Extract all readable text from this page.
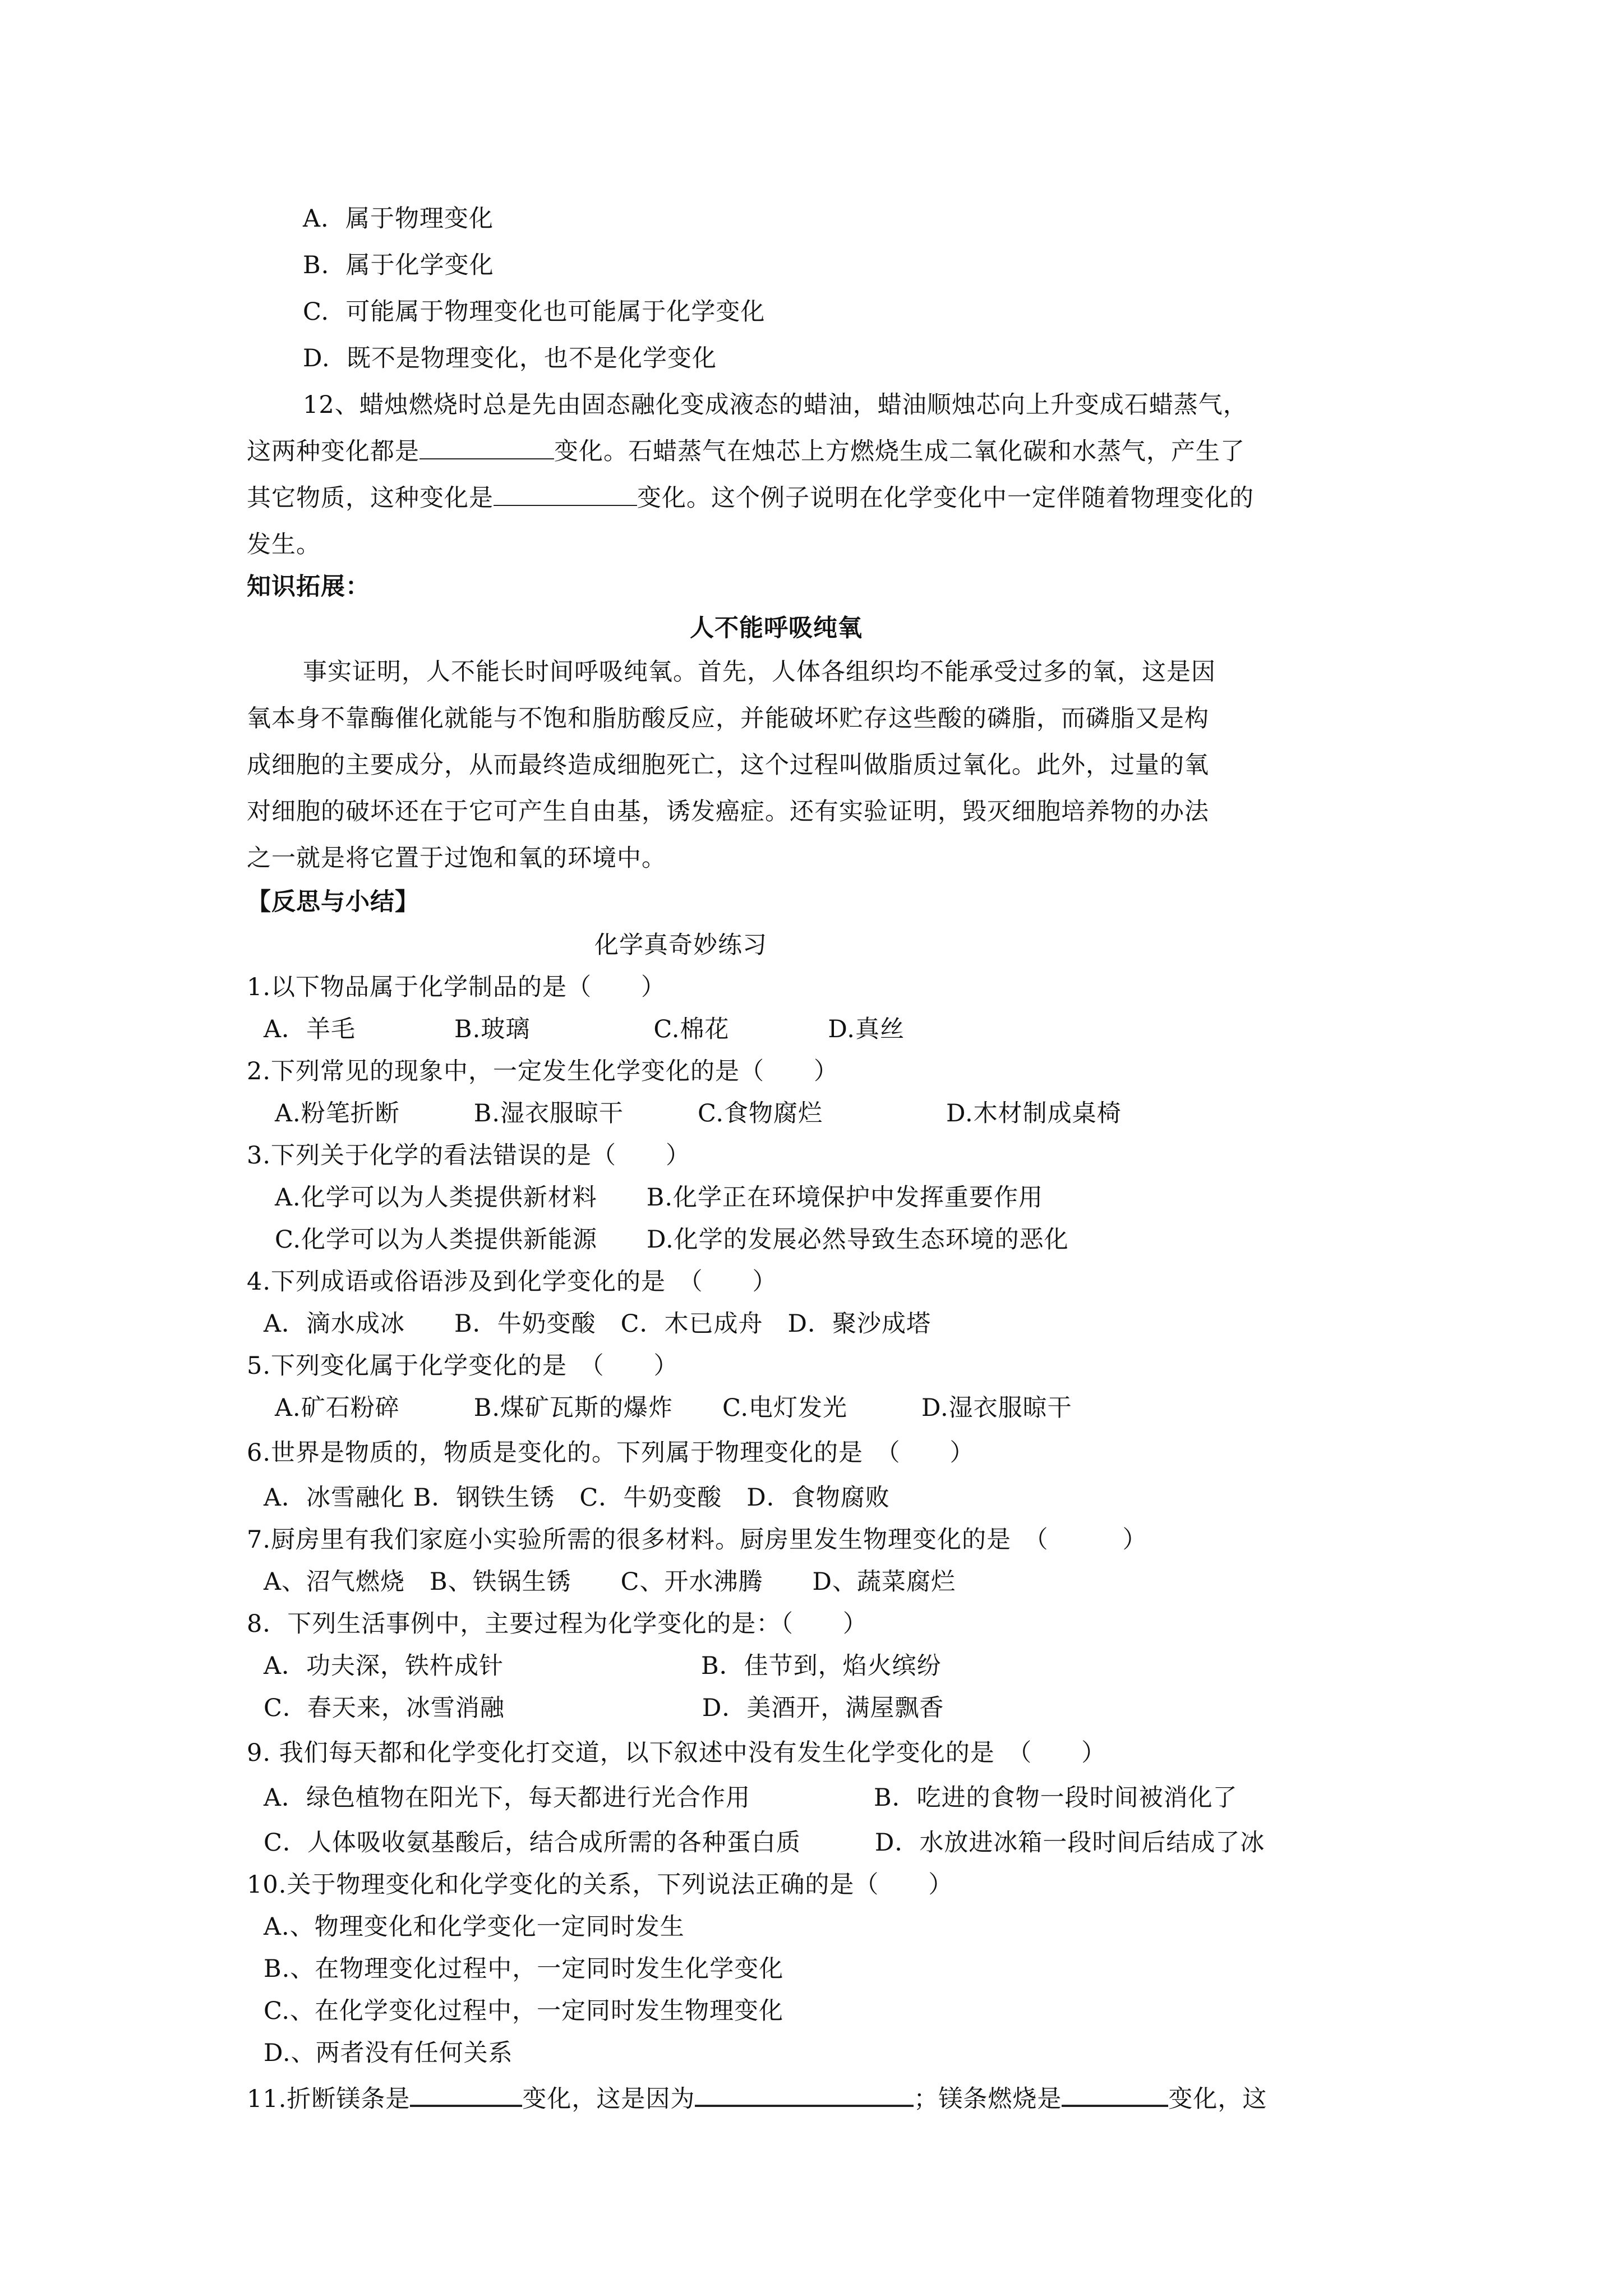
A.  属于物理变化
B.  属于化学变化
C.  可能属于物理变化也可能属于化学变化
D.  既不是物理变化，也不是化学变化
12、蜡烛燃烧时总是先由固态融化变成液态的蜡油，蜡油顺烛芯向上升变成石蜡蒸气，
这两种变化都是	变化。石蜡蒸气在烛芯上方燃烧生成二氧化碳和水蒸气，产生了
其它物质，这种变化是	变化。这个例子说明在化学变化中一定伴随着物理变化的
发生。
知识拓展：
人不能呼吸纯氧
事实证明，人不能长时间呼吸纯氧。首先，人体各组织均不能承受过多的氧，这是因
氧本身不靠酶催化就能与不饱和脂肪酸反应，并能破坏贮存这些酸的磷脂，而磷脂又是构
成细胞的主要成分，从而最终造成细胞死亡，这个过程叫做脂质过氧化。此外，过量的氧
对细胞的破坏还在于它可产生自由基，诱发癌症。还有实验证明，毁灭细胞培养物的办法
之一就是将它置于过饱和氧的环境中。
【反思与小结】
化学真奇妙练习
1.以下物品属于化学制品的是（　　）
A．羊毛　　　　B.玻璃　　　　　C.棉花　　　　D.真丝
2.下列常见的现象中，一定发生化学变化的是（　　）
A.粉笔折断　　　B.湿衣服晾干　　　C.食物腐烂　　　　　D.木材制成桌椅
3.下列关于化学的看法错误的是（　　）
A.化学可以为人类提供新材料　　B.化学正在环境保护中发挥重要作用
C.化学可以为人类提供新能源　　D.化学的发展必然导致生态环境的恶化
4.下列成语或俗语涉及到化学变化的是　（　　）
A．滴水成冰　　B．牛奶变酸　C．木已成舟　D．聚沙成塔
5.下列变化属于化学变化的是　（　　）
A.矿石粉碎　　　B.煤矿瓦斯的爆炸　　C.电灯发光　　　D.湿衣服晾干
6.世界是物质的，物质是变化的。下列属于物理变化的是　（　　）
A．冰雪融化 B．钢铁生锈　C．牛奶变酸　D．食物腐败
7.厨房里有我们家庭小实验所需的很多材料。厨房里发生物理变化的是　（　　　）
A、沼气燃烧　B、铁锅生锈　　C、开水沸腾　　D、蔬菜腐烂
8．下列生活事例中，主要过程为化学变化的是：（　　）
A．功夫深，铁杵成针　　　　　　　　B．佳节到，焰火缤纷
C．春天来，冰雪消融　　　　　　　　D．美酒开，满屋飘香
9. 我们每天都和化学变化打交道，以下叙述中没有发生化学变化的是　（　　）
A．绿色植物在阳光下，每天都进行光合作用　　　　　B．吃进的食物一段时间被消化了
C．人体吸收氨基酸后，结合成所需的各种蛋白质　　　D．水放进冰箱一段时间后结成了冰
10.关于物理变化和化学变化的关系，下列说法正确的是（　　）
A.、物理变化和化学变化一定同时发生
B.、在物理变化过程中，一定同时发生化学变化
C.、在化学变化过程中，一定同时发生物理变化
D.、两者没有任何关系
11.折断镁条是	变化，这是因为	；镁条燃烧是	变化，这
